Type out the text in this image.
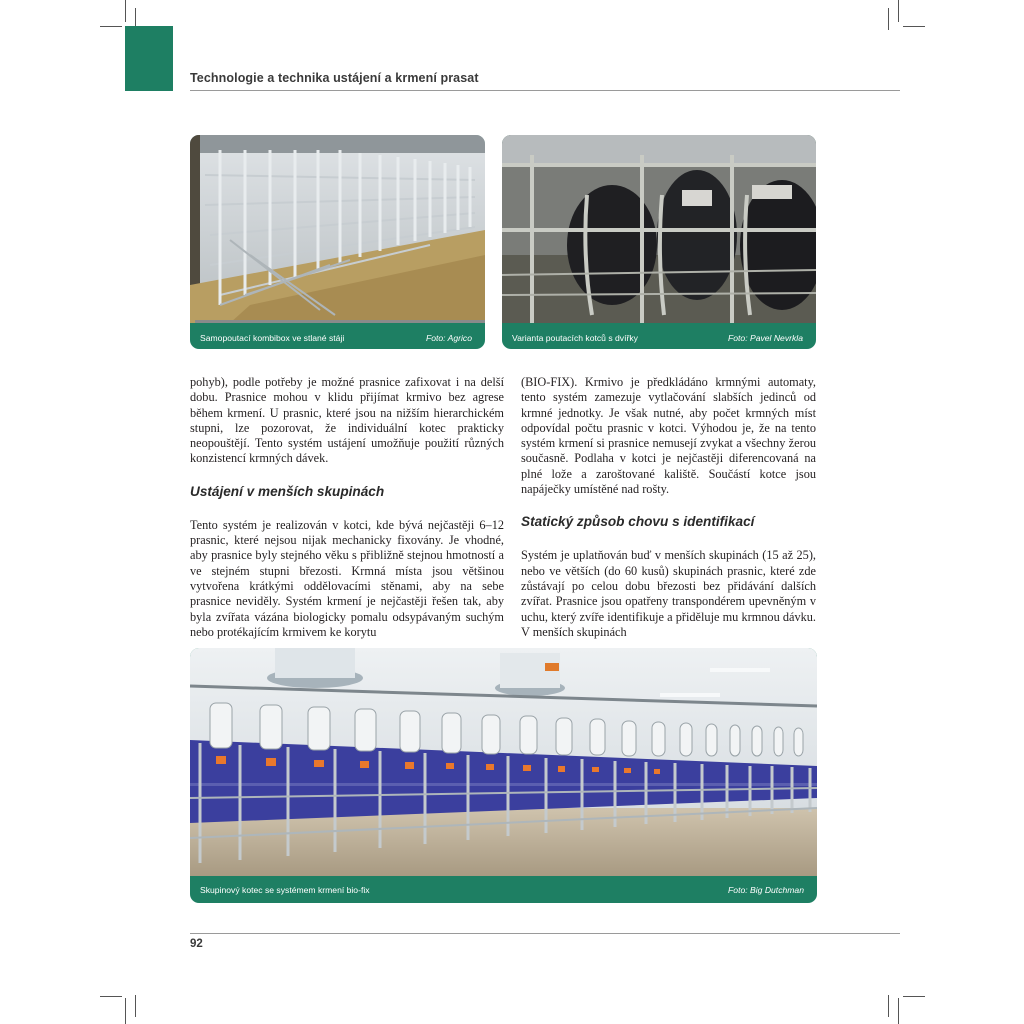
Technologie a technika ustájení a krmení prasat
Samopoutací kombibox ve stlané stáji	Foto: Agrico	Varianta poutacích kotců s dvířky	Foto: Pavel Nevrkla

pohyb), podle potřeby je možné prasnice zafixovat i na delší dobu. Prasnice mohou v klidu přijímat krmivo bez agrese během krmení. U prasnic, které jsou na nižším hierarchickém stupni, lze pozorovat, že individuální kotec prakticky neopouštějí. Tento systém ustájení umožňuje použití různých konzistencí krmných dávek.

Ustájení v menších skupinách

Tento systém je realizován v kotci, kde bývá nejčastěji 6–12 prasnic, které nejsou nijak mechanicky fixovány. Je vhodné, aby prasnice byly stejného věku s přibližně stejnou hmotností a ve stejném stupni březosti. Krmná místa jsou většinou vytvořena krátkými oddělovacími stěnami, aby na sebe prasnice neviděly. Systém krmení je nejčastěji řešen tak, aby byla zvířata vázána biologicky pomalu odsypávaným suchým nebo protékajícím krmivem ke korytu

(BIO-FIX). Krmivo je předkládáno krmnými automaty, tento systém zamezuje vytlačování slabších jedinců od krmné jednotky. Je však nutné, aby počet krmných míst odpovídal počtu prasnic v kotci. Výhodou je, že na tento systém krmení si prasnice nemusejí zvykat a všechny žerou současně. Podlaha v kotci je nejčastěji diferencovaná na plné lože a zaroštované kaliště. Součástí kotce jsou napáječky umístěné nad rošty.

Statický způsob chovu s identifikací

Systém je uplatňován buď v menších skupinách (15 až 25), nebo ve větších (do 60 kusů) skupinách prasnic, které zde zůstávají po celou dobu březosti bez přidávání dalších zvířat. Prasnice jsou opatřeny transpondérem upevněným v uchu, který zvíře identifikuje a přiděluje mu krmnou dávku. V menších skupinách

Skupinový kotec se systémem krmení bio-fix	Foto: Big Dutchman
92
